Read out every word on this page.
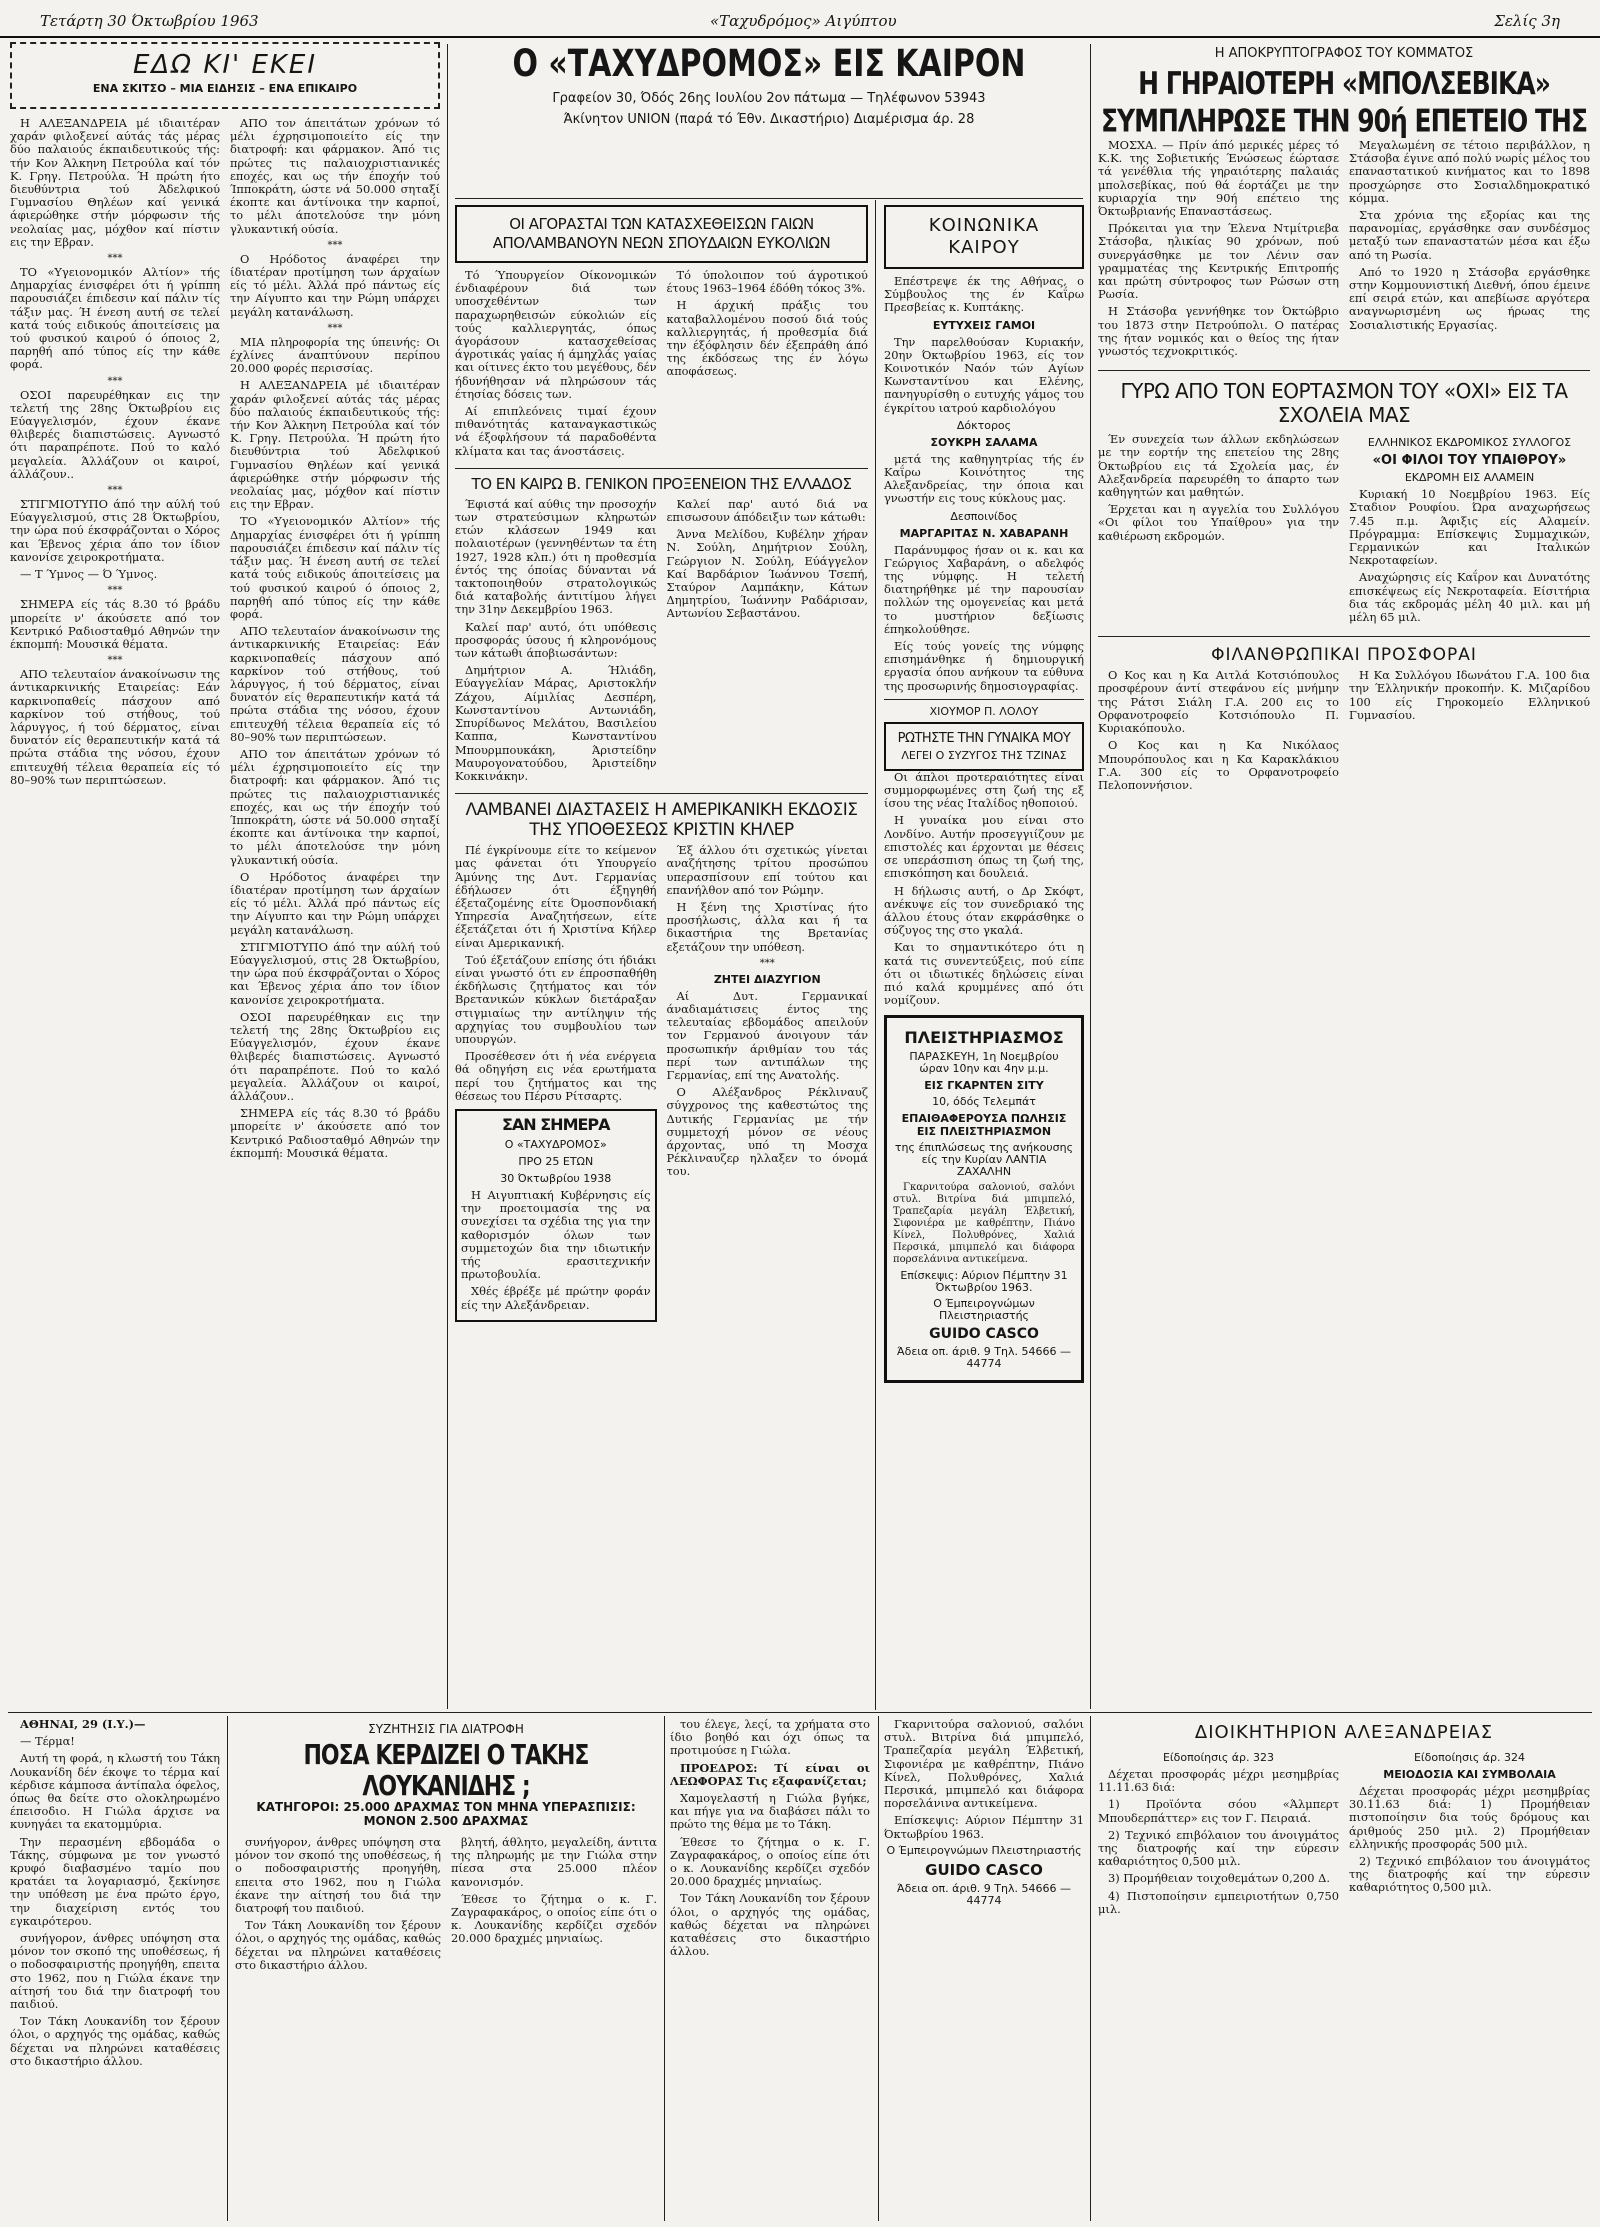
Τετάρτη 30 Όκτωβρίου 1963	«Ταχυδρόμος» Αιγύπτου	Σελίς 3η
ΕΔΩ ΚΙ' ΕΚΕΙ
ΕΝΑ ΣΚΙΤΣΟ – ΜΙΑ ΕΙΔΗΣΙΣ – ΕΝΑ ΕΠΙΚΑΙΡΟ

Η ΑΛΕΞΑΝΔΡΕΙΑ μέ ιδιαιτέραν χαράν φιλοξενεί αύτάς τάς μέρας δύο παλαιούς έκπαιδευτικούς τής: τήν Κον Άλκηνη Πετρούλα καί τόν Κ. Γρηγ. Πετρούλα. Ή πρώτη ήτο διευθύντρια τού Άδελφικού Γυμνασίου Θηλέων καί γενικά άφιερώθηκε στήν μόρφωσιν τής νεολαίας μας, μόχθον καί πίστιν εις την Εβραν.

***

ΤΟ «Υγειονομικόν Αλτίον» τής Δημαρχίας ένισφέρει ότι ή γρίππη παρουσιάζει έπιδεσιν καί πάλιν τίς τάξιν μας. Ή ένεση αυτή σε τελεί κατά τούς ειδικούς άποιτείσεις μα τού φυσικού καιρού ό όποιος 2, παρηθή από τύπος είς την κάθε φορά.

***

ΟΣΟΙ παρευρέθηκαν εις την τελετή της 28ης Όκτωβρίου εις Εύαγγελισμόν, έχουν έκανε θλιβερές διαπιστώσεις. Αγνωστό ότι παραπρέποτε. Πού το καλό μεγαλεία. Άλλάζουν οι καιροί, άλλάζουν..

***

ΣΤΙΓΜΙΟΤΥΠΟ άπό την αύλή τού Εύαγγελισμού, στις 28 Όκτωβρίου, την ώρα πού έκσφράζονται ο Χόρος και Έβενος χέρια άπο τον ίδιον κανονίσε χειροκροτήματα.

— Τ Ύμνος — Ό Ύμνος.

***

ΣΗΜΕΡΑ είς τάς 8.30 τό βράδυ μπορείτε ν' άκούσετε από τον Κεντρικό Ραδιοσταθμό Αθηνών την έκπομπή: Μουσικά θέματα.

***

ΑΠΟ τελευταίον άνακοίνωσιν της άντικαρκινικής Εταιρείας: Εάν καρκινοπαθείς πάσχουν από καρκίνον τού στήθους, τού λάρυγγος, ή τού δέρματος, είναι δυνατόν είς θεραπευτικήν κατά τά πρώτα στάδια της νόσου, έχουν επιτευχθή τέλεια θεραπεία είς τό 80–90% των περιπτώσεων.

ΑΠΟ τον άπειτάτων χρόνων τό μέλι έχρησιμοποιείτο είς την διατροφή: και φάρμακον. Άπό τις πρώτες τις παλαιοχριστιανικές εποχές, και ως τήν έποχήν τού Ίπποκράτη, ώστε νά 50.000 σηταξί έκοπτε και άντίνοικα την καρποί, το μέλι άποτελούσε την μόνη γλυκαντική ούσία.

***

Ο Ηρόδοτος άναφέρει την ίδιατέραν προτίμηση των άρχαίων είς τό μέλι. Άλλά πρό πάντως είς την Αίγυπτο και την Ρώμη υπάρχει μεγάλη κατανάλωση.

***

ΜΙΑ πληροφορία της ύπεινής: Οι έχλίνες άναπτύνουν περίπου 20.000 φορές περισσίας.

Η ΑΛΕΞΑΝΔΡΕΙΑ μέ ιδιαιτέραν χαράν φιλοξενεί αύτάς τάς μέρας δύο παλαιούς έκπαιδευτικούς τής: τήν Κον Άλκηνη Πετρούλα καί τόν Κ. Γρηγ. Πετρούλα. Ή πρώτη ήτο διευθύντρια τού Άδελφικού Γυμνασίου Θηλέων καί γενικά άφιερώθηκε στήν μόρφωσιν τής νεολαίας μας, μόχθον καί πίστιν εις την Εβραν.

ΤΟ «Υγειονομικόν Αλτίον» τής Δημαρχίας ένισφέρει ότι ή γρίππη παρουσιάζει έπιδεσιν καί πάλιν τίς τάξιν μας. Ή ένεση αυτή σε τελεί κατά τούς ειδικούς άποιτείσεις μα τού φυσικού καιρού ό όποιος 2, παρηθή από τύπος είς την κάθε φορά.

ΑΠΟ τελευταίον άνακοίνωσιν της άντικαρκινικής Εταιρείας: Εάν καρκινοπαθείς πάσχουν από καρκίνον τού στήθους, τού λάρυγγος, ή τού δέρματος, είναι δυνατόν είς θεραπευτικήν κατά τά πρώτα στάδια της νόσου, έχουν επιτευχθή τέλεια θεραπεία είς τό 80–90% των περιπτώσεων.

ΑΠΟ τον άπειτάτων χρόνων τό μέλι έχρησιμοποιείτο είς την διατροφή: και φάρμακον. Άπό τις πρώτες τις παλαιοχριστιανικές εποχές, και ως τήν έποχήν τού Ίπποκράτη, ώστε νά 50.000 σηταξί έκοπτε και άντίνοικα την καρποί, το μέλι άποτελούσε την μόνη γλυκαντική ούσία.

Ο Ηρόδοτος άναφέρει την ίδιατέραν προτίμηση των άρχαίων είς τό μέλι. Άλλά πρό πάντως είς την Αίγυπτο και την Ρώμη υπάρχει μεγάλη κατανάλωση.

ΣΤΙΓΜΙΟΤΥΠΟ άπό την αύλή τού Εύαγγελισμού, στις 28 Όκτωβρίου, την ώρα πού έκσφράζονται ο Χόρος και Έβενος χέρια άπο τον ίδιον κανονίσε χειροκροτήματα.

ΟΣΟΙ παρευρέθηκαν εις την τελετή της 28ης Όκτωβρίου εις Εύαγγελισμόν, έχουν έκανε θλιβερές διαπιστώσεις. Αγνωστό ότι παραπρέποτε. Πού το καλό μεγαλεία. Άλλάζουν οι καιροί, άλλάζουν..

ΣΗΜΕΡΑ είς τάς 8.30 τό βράδυ μπορείτε ν' άκούσετε από τον Κεντρικό Ραδιοσταθμό Αθηνών την έκπομπή: Μουσικά θέματα.

Ο «ΤΑΧΥΔΡΟΜΟΣ» ΕΙΣ ΚΑΙΡΟΝ
Γραφείον 30, Όδός 26ης Ιουλίου 2ον πάτωμα — Τηλέφωνον 53943
Άκίνητον UNION (παρά τό Έθν. Δικαστήριο) Διαμέρισμα άρ. 28
ΟΙ ΑΓΟΡΑΣΤΑΙ ΤΩΝ ΚΑΤΑΣΧΕΘΕΙΣΩΝ ΓΑΙΩΝ ΑΠΟΛΑΜΒΑΝΟΥΝ ΝΕΩΝ ΣΠΟΥΔΑΙΩΝ ΕΥΚΟΛΙΩΝ

Τό Ύπουργείον Οίκονομικών ένδιαφέρουν διά των υποσχεθέντων των παραχωρηθεισών εύκολιών είς τούς καλλιεργητάς, όπως άγοράσουν κατασχεθείσας άγροτικάς γαίας ή άμηχλάς γαίας και οίτινες έκτο του μεγέθους, δέν ήδυνήθησαν νά πληρώσουν τάς έτησίας δόσεις των.

Αί επιπλεόνεις τιμαί έχουν πιθανότητάς καταναγκαστικώς νά έξοφλήσουν τά παραδοθέντα κλίματα και τας άνοστάσεις.

Τό ύπολοιπον τού άγροτικού έτους 1963–1964 έδόθη τόκος 3%.

Η άρχική πράξις του καταβαλλομένου ποσού διά τούς καλλιεργητάς, ή προθεσμία διά την έξόφλησιν δέν έξεπράθη άπό της έκδόσεως της έν λόγω αποφάσεως.

ΤΟ ΕΝ ΚΑΙΡΩ Β. ΓΕΝΙΚΟΝ ΠΡΟΞΕΝΕΙΟΝ ΤΗΣ ΕΛΛΑΔΟΣ

Έφιστά καί αύθις την προσοχήν των στρατεύσιμων κληρωτών ετών κλάσεων 1949 και πολαιοτέρων (γεννηθέντων τα έτη 1927, 1928 κλπ.) ότι η προθεσμία έντός της όποίας δύνανται νά τακτοποιηθούν στρατολογικώς διά καταβολής άντιτίμου λήγει την 31ην Δεκεμβρίου 1963.

Καλεί παρ' αυτό, ότι υπόθεσις προσφοράς ύσους ή κληρονόμους των κάτωθι άποβιωσάντων:

Δημήτριον Α. Ήλιάδη, Εύαγγελίαν Μάρας, Αριστοκλήν Ζάχου, Αίμιλίας Δεσπέρη, Κωνσταντίνου Αντωνιάδη, Σπυρίδωνος Μελάτου, Βασιλείου Καππα, Κωνσταντίνου Μπουρμπουκάκη, Άριστείδην Μαυρογονατούδου, Άριστείδην Κοκκινάκην.

Καλεί παρ' αυτό διά να επισωσουν άπόδειξιν των κάτωθι:

Άννα Μελίδου, Κυβέλην χήραν Ν. Σούλη, Δημήτριον Σούλη, Γεώργιον Ν. Σούλη, Εύάγγελον Καί Βαρδάριον Ίωάννου Τσεπή, Σταύρον Λαμπάκην, Κάτων Δημητρίου, Ίωάννην Ραδάρισαν, Αντωνίου Σεβαστάνου.

ΛΑΜΒΑΝΕΙ ΔΙΑΣΤΑΣΕΙΣ Η ΑΜΕΡΙΚΑΝΙΚΗ ΕΚΔΟΣΙΣ ΤΗΣ ΥΠΟΘΕΣΕΩΣ ΚΡΙΣΤΙΝ ΚΗΛΕΡ

Πέ έγκρίνουμε είτε το κείμενον μας φάνεται ότι Υπουργείο Άμύνης της Δυτ. Γερμανίας έδήλωσεν ότι έξηγηθή έξεταζομένης είτε Όμοσπονδιακή Υπηρεσία Αναζητήσεων, είτε έξετάζεται ότι ή Χριστίνα Κήλερ είναι Αμερικανική.

Τού έξετάζουν επίσης ότι ήδιάκι είναι γνωστό ότι εν έπροσπαθήθη έκδήλωσις ζητήματος και τόν Βρετανικών κύκλων διετάραξαν στιγμιαίως την αντίληψιν τής αρχηγίας του συμβουλίου των υπουργών.

Προσέθεσεν ότι ή νέα ενέργεια θά οδηγήση εις νέα ερωτήματα περί του ζητήματος και της θέσεως του Πέρσυ Ρίτσαρτς.

ΣΑΝ ΣΗΜΕΡΑ
Ο «ΤΑΧΥΔΡΟΜΟΣ»
ΠΡΟ 25 ΕΤΩΝ
30 Όκτωβρίου 1938

Η Αιγυπτιακή Κυβέρνησις είς την προετοιμασία της να συνεχίσει τα σχέδια της για την καθορισμόν όλων των συμμετοχών δια την ιδιωτικήν τής ερασιτεχνικήν πρωτοβουλία.

Χθές έβρέξε μέ πρώτην φοράν είς την Αλεξάνδρειαν.

Έξ άλλου ότι σχετικώς γίνεται αναζήτησης τρίτου προσώπου υπερασπίσουν επί τούτου και επανήλθον από τον Ρώμην.

Η ξένη της Χριστίνας ήτο προσήλωσις, άλλα και ή τα δικαστήρια της Βρετανίας εξετάζουν την υπόθεση.

***
ΖΗΤΕΙ ΔΙΑΖΥΓΙΟΝ

Αί Δυτ. Γερμανικαί άναδιαμάτισεις έντος της τελευταίας εβδομάδος απειλούν τον Γερμανού άνοιγουν τάν προσωπικήν άριθμίαν του τάς περί των αντιπάλων της Γερμανίας, επί της Ανατολής.

Ο Αλέξανδρος Ρέκλιναυζ σύγχρονος της καθεστώτος της Δυτικής Γερμανίας με τήν συμμετοχή μόνον σε νέους άρχοντας, υπό τη Μοσχα Ρέκλιναυζερ ηλλαξεν το όνομά του.

ΚΟΙΝΩΝΙΚΑ ΚΑΙΡΟΥ

Επέστρεψε έκ της Αθήνας, ο Σύμβουλος της έν Καΐρω Πρεσβείας κ. Κυπτάκης.

ΕΥΤΥΧΕΙΣ ΓΑΜΟΙ

Την παρελθούσαν Κυριακήν, 20ην Όκτωβρίου 1963, είς τον Κοινοτικόν Ναόν τών Αγίων Κωνσταντίνου και Ελένης, πανηγυρίσθη ο ευτυχής γάμος του έγκρίτου ιατρού καρδιολόγου

Δόκτορος
ΣΟΥΚΡΗ ΣΑΛΑΜΑ

μετά της καθηγητρίας τής έν Καΐρω Κοινότητος της Αλεξανδρείας, την όποια και γνωστήν εις τους κύκλους μας.

Δεσποινίδος
ΜΑΡΓΑΡΙΤΑΣ Ν. ΧΑΒΑΡΑΝΗ

Παράνυμφος ήσαν οι κ. και κα Γεώργιος Χαβαράνη, ο αδελφός της νύμφης. Η τελετή διατηρήθηκε μέ την παρουσίαν πολλών της ομογενείας και μετά το μυστήριον δεξίωσις έπηκολούθησε.

Είς τούς γονείς της νύμφης επισημάνθηκε ή δημιουργική εργασία όπου ανήκουν τα εύθυνα της προσωρινής δημοσιογραφίας.

ΧΙΟΥΜΟΡ Π. ΛΟΛΟΥ
ΡΩΤΗΣΤΕ ΤΗΝ ΓΥΝΑΙΚΑ ΜΟΥ
ΛΕΓΕΙ Ο ΣΥΖΥΓΟΣ ΤΗΣ ΤΖΙΝΑΣ

Οι άπλοι προτεραιότητες είναι συμμορφωμένες στη ζωή της εξ ίσου της νέας Ιταλίδος ηθοποιού.

Η γυναίκα μου είναι στο Λονδίνο. Αυτήν προσεγγιίζουν με επιστολές και έρχονται με θέσεις σε υπεράσπιση όπως τη ζωή της, επισκόπηση και δουλειά.

Η δήλωσις αυτή, ο Δρ Σκόφτ, ανέκυψε είς τον συνεδριακό της άλλου έτους όταν εκφράσθηκε ο σύζυγος της στο γκαλά.

Και το σημαντικότερο ότι η κατά τις συνεντεύξεις, πού είπε ότι οι ιδιωτικές δηλώσεις είναι πιό καλά κρυμμένες από ότι νομίζουν.

ΠΛΕΙΣΤΗΡΙΑΣΜΟΣ
ΠΑΡΑΣΚΕΥΗ, 1η Νοεμβρίου ώραν 10ην και 4ην μ.μ.
ΕΙΣ ΓΚΑΡΝΤΕΝ ΣΙΤΥ
10, όδός Τελεμπάτ
ΕΠΑΙΘΑΦΕΡΟΥΣΑ ΠΩΛΗΣΙΣ ΕΙΣ ΠΛΕΙΣΤΗΡΙΑΣΜΟΝ
της έπιπλώσεως της ανήκουσης είς την Κυρίαν ΛΑΝΤΙΑ ΖΑΧΑΛΗΝ

Γκαρνιτούρα σαλονιού, σαλόνι στυλ. Βιτρίνα διά μπιμπελό, Τραπεζαρία μεγάλη Έλβετική, Σιφονιέρα με καθρέπτην, Πιάνο Κίνελ, Πολυθρόνες, Χαλιά Περσικά, μπιμπελό και διάφορα πορσελάνινα αντικείμενα.

Επίσκεψις: Αύριον Πέμπτην 31 Όκτωβρίου 1963.
Ο Έμπειρογνώμων Πλειστηριαστής
GUIDO CASCO
Άδεια οπ. άριθ. 9 Τηλ. 54666 — 44774
Η ΑΠΟΚΡΥΠΤΟΓΡΑΦΟΣ ΤΟΥ ΚΟΜΜΑΤΟΣ
Η ΓΗΡΑΙΟΤΕΡΗ «ΜΠΟΛΣΕΒΙΚΑ» ΣΥΜΠΛΗΡΩΣΕ ΤΗΝ 90ή ΕΠΕΤΕΙΟ ΤΗΣ

ΜΟΣΧΑ. — Πρίν άπό μερικές μέρες τό Κ.Κ. της Σοβιετικής Ένώσεως έώρτασε τά γενέθλια τής γηραιότερης παλαιάς μπολσεβίκας, πού θά έορτάζει με την κυριαρχία την 90ή επέτειο της Όκτωβριανής Επαναστάσεως.

Πρόκειται για την Έλενα Ντμίτριεβα Στάσοβα, ηλικίας 90 χρόνων, πού συνεργάσθηκε με τον Λένιν σαν γραμματέας της Κεντρικής Επιτροπής και πρώτη σύντροφος των Ρώσων στη Ρωσία.

Η Στάσοβα γεννήθηκε τον Όκτώβριο του 1873 στην Πετρούπολι. Ο πατέρας της ήταν νομικός και ο θείος της ήταν γνωστός τεχνοκριτικός.

Μεγαλωμένη σε τέτοιο περιβάλλον, η Στάσοβα έγινε από πολύ νωρίς μέλος του επαναστατικού κινήματος και το 1898 προσχώρησε στο Σοσιαλδημοκρατικό κόμμα.

Στα χρόνια της εξορίας και της παρανομίας, εργάσθηκε σαν συνδέσμος μεταξύ των επαναστατών μέσα και έξω από τη Ρωσία.

Από το 1920 η Στάσοβα εργάσθηκε στην Κομμουνιστική Διεθνή, όπου έμεινε επί σειρά ετών, και απεβίωσε αργότερα αναγνωρισμένη ως ήρωας της Σοσιαλιστικής Εργασίας.

ΓΥΡΩ ΑΠΟ ΤΟΝ ΕΟΡΤΑΣΜΟΝ ΤΟΥ «ΟΧΙ» ΕΙΣ ΤΑ ΣΧΟΛΕΙΑ ΜΑΣ

Έν συνεχεία των άλλων εκδηλώσεων με την εορτήν της επετείου της 28ης Όκτωβρίου εις τά Σχολεία μας, έν Αλεξανδρεία παρευρέθη το άπαρτο των καθηγητών και μαθητών.

Έρχεται και η αγγελία του Συλλόγου «Οι φίλοι του Υπαίθρου» για την καθιέρωση εκδρομών.

ΕΛΛΗΝΙΚΟΣ ΕΚΔΡΟΜΙΚΟΣ ΣΥΛΛΟΓΟΣ
«ΟΙ ΦΙΛΟΙ ΤΟΥ ΥΠΑΙΘΡΟΥ»
ΕΚΔΡΟΜΗ ΕΙΣ ΑΛΑΜΕΙΝ

Κυριακή 10 Νοεμβρίου 1963. Είς Σταδιον Ρουφίου. Ώρα αναχωρήσεως 7.45 π.μ. Άφιξις είς Αλαμείν. Πρόγραμμα: Επίσκεψις Συμμαχικών, Γερμανικών και Ιταλικών Νεκροταφείων.

Αναχώρησις είς Καΐρον και Δυνατότης επισκέψεως είς Νεκροταφεία. Είσιτήρια δια τάς εκδρομάς μέλη 40 μιλ. και μή μέλη 65 μιλ.

ΦΙΛΑΝΘΡΩΠΙΚΑΙ ΠΡΟΣΦΟΡΑΙ

Ο Κος και η Κα Αιτλά Κοτσιόπουλος προσφέρουν άντί στεφάνου είς μνήμην της Ράτσι Σιάλη Γ.Α. 200 εις το Ορφανοτροφείο Κοτσιόπουλο Π. Κυριακόπουλο.

Ο Κος και η Κα Νικόλαος Μπουρόπουλος και η Κα Καρακλάκιου Γ.Α. 300 είς το Ορφανοτροφείο Πελοποννήσιον.

Η Κα Συλλόγου Ιδωνάτου Γ.Α. 100 δια την Έλληνικήν προκοπήν. Κ. Μιζαρίδου 100 είς Γηροκομείο Ελληνικού Γυμνασίου.

ΑΘΗΝΑΙ, 29 (Ι.Υ.)—

— Τέρμα!

Αυτή τη φορά, η κλωστή του Τάκη Λουκανίδη δέν έκοψε το τέρμα καί κέρδισε κάμποσα άντίπαλα όφελος, όπως θα δείτε στο ολοκληρωμένο έπεισοδιο. Η Γιώλα άρχισε να κυνηγάει τα εκατομμύρια.

Την περασμένη εβδομάδα ο Τάκης, σύμφωνα με τον γνωστό κρυφό διαβασμένο ταμίο που κρατάει τα λογαριασμό, ξεκίνησε την υπόθεση με ένα πρώτο έργο, την διαχείριση εντός του εγκαιρότερου.

συνήγορον, άνθρες υπόψηση στα μόνον τον σκοπό της υποθέσεως, ή ο ποδοσφαιριστής προηγήθη, επειτα στο 1962, που η Γιώλα έκανε την αίτησή του διά την διατροφή του παιδιού.

Τον Τάκη Λουκανίδη τον ξέρουν όλοι, ο αρχηγός της ομάδας, καθώς δέχεται να πληρώνει καταθέσεις στο δικαστήριο άλλου.

ΣΥΖΗΤΗΣΙΣ ΓΙΑ ΔΙΑΤΡΟΦΗ
ΠΟΣΑ ΚΕΡΔΙΖΕΙ Ο ΤΑΚΗΣ ΛΟΥΚΑΝΙΔΗΣ ;
ΚΑΤΗΓΟΡΟΙ: 25.000 ΔΡΑΧΜΑΣ ΤΟΝ ΜΗΝΑ ΥΠΕΡΑΣΠΙΣΙΣ: ΜΟΝΟΝ 2.500 ΔΡΑΧΜΑΣ

συνήγορον, άνθρες υπόψηση στα μόνον τον σκοπό της υποθέσεως, ή ο ποδοσφαιριστής προηγήθη, επειτα στο 1962, που η Γιώλα έκανε την αίτησή του διά την διατροφή του παιδιού.

Τον Τάκη Λουκανίδη τον ξέρουν όλοι, ο αρχηγός της ομάδας, καθώς δέχεται να πληρώνει καταθέσεις στο δικαστήριο άλλου.

βλητή, άθλητο, μεγαλείδη, άντιτα της πληρωμής με την Γιώλα στην πίεσα στα 25.000 πλέον κανονισμόν.

Έθεσε το ζήτημα ο κ. Γ. Ζαγραφακάρος, ο οποίος είπε ότι ο κ. Λουκανίδης κερδίζει σχεδόν 20.000 δραχμές μηνιαίως.

του έλεγε, λεςί, τα χρήματα στο ίδιο βοηθό και όχι όπως τα προτιμούσε η Γιώλα.

ΠΡΟΕΔΡΟΣ: Τί είναι οι ΛΕΩΦΟΡΑΣ Τις εξαφανίζεται;

Χαμογελαστή η Γιώλα βγήκε, και πήγε για να διαβάσει πάλι το πρώτο της θέμα με το Τάκη.

Έθεσε το ζήτημα ο κ. Γ. Ζαγραφακάρος, ο οποίος είπε ότι ο κ. Λουκανίδης κερδίζει σχεδόν 20.000 δραχμές μηνιαίως.

Τον Τάκη Λουκανίδη τον ξέρουν όλοι, ο αρχηγός της ομάδας, καθώς δέχεται να πληρώνει καταθέσεις στο δικαστήριο άλλου.

Γκαρνιτούρα σαλονιού, σαλόνι στυλ. Βιτρίνα διά μπιμπελό, Τραπεζαρία μεγάλη Έλβετική, Σιφονιέρα με καθρέπτην, Πιάνο Κίνελ, Πολυθρόνες, Χαλιά Περσικά, μπιμπελό και διάφορα πορσελάνινα αντικείμενα.

Επίσκεψις: Αύριον Πέμπτην 31 Όκτωβρίου 1963.

Ο Έμπειρογνώμων Πλειστηριαστής
GUIDO CASCO
Άδεια οπ. άριθ. 9 Τηλ. 54666 — 44774
ΔΙΟΙΚΗΤΗΡΙΟΝ ΑΛΕΞΑΝΔΡΕΙΑΣ
Είδοποίησις άρ. 323

Δέχεται προσφοράς μέχρι μεσημβρίας 11.11.63 διά:

1) Προϊόντα σόου «Άλμπερτ Μπουδερπάττερ» εις τον Γ. Πειραιά.

2) Τεχνικό επιβόλαιον του άνοιγμάτος της διατροφής καί την εύρεσιν καθαριότητος 0,500 μιλ.

3) Προμήθειαν τοιχοθεμάτων 0,200 Δ.

4) Πιστοποίησιν εμπειριοτήτων 0,750 μιλ.

Είδοποίησις άρ. 324
ΜΕΙΟΔΟΣΙΑ ΚΑΙ ΣΥΜΒΟΛΑΙΑ

Δέχεται προσφοράς μέχρι μεσημβρίας 30.11.63 διά: 1) Προμήθειαν πιστοποίησιν δια τούς δρόμους και άριθμούς 250 μιλ. 2) Προμήθειαν ελληνικής προσφοράς 500 μιλ.

2) Τεχνικό επιβόλαιον του άνοιγμάτος της διατροφής καί την εύρεσιν καθαριότητος 0,500 μιλ.
